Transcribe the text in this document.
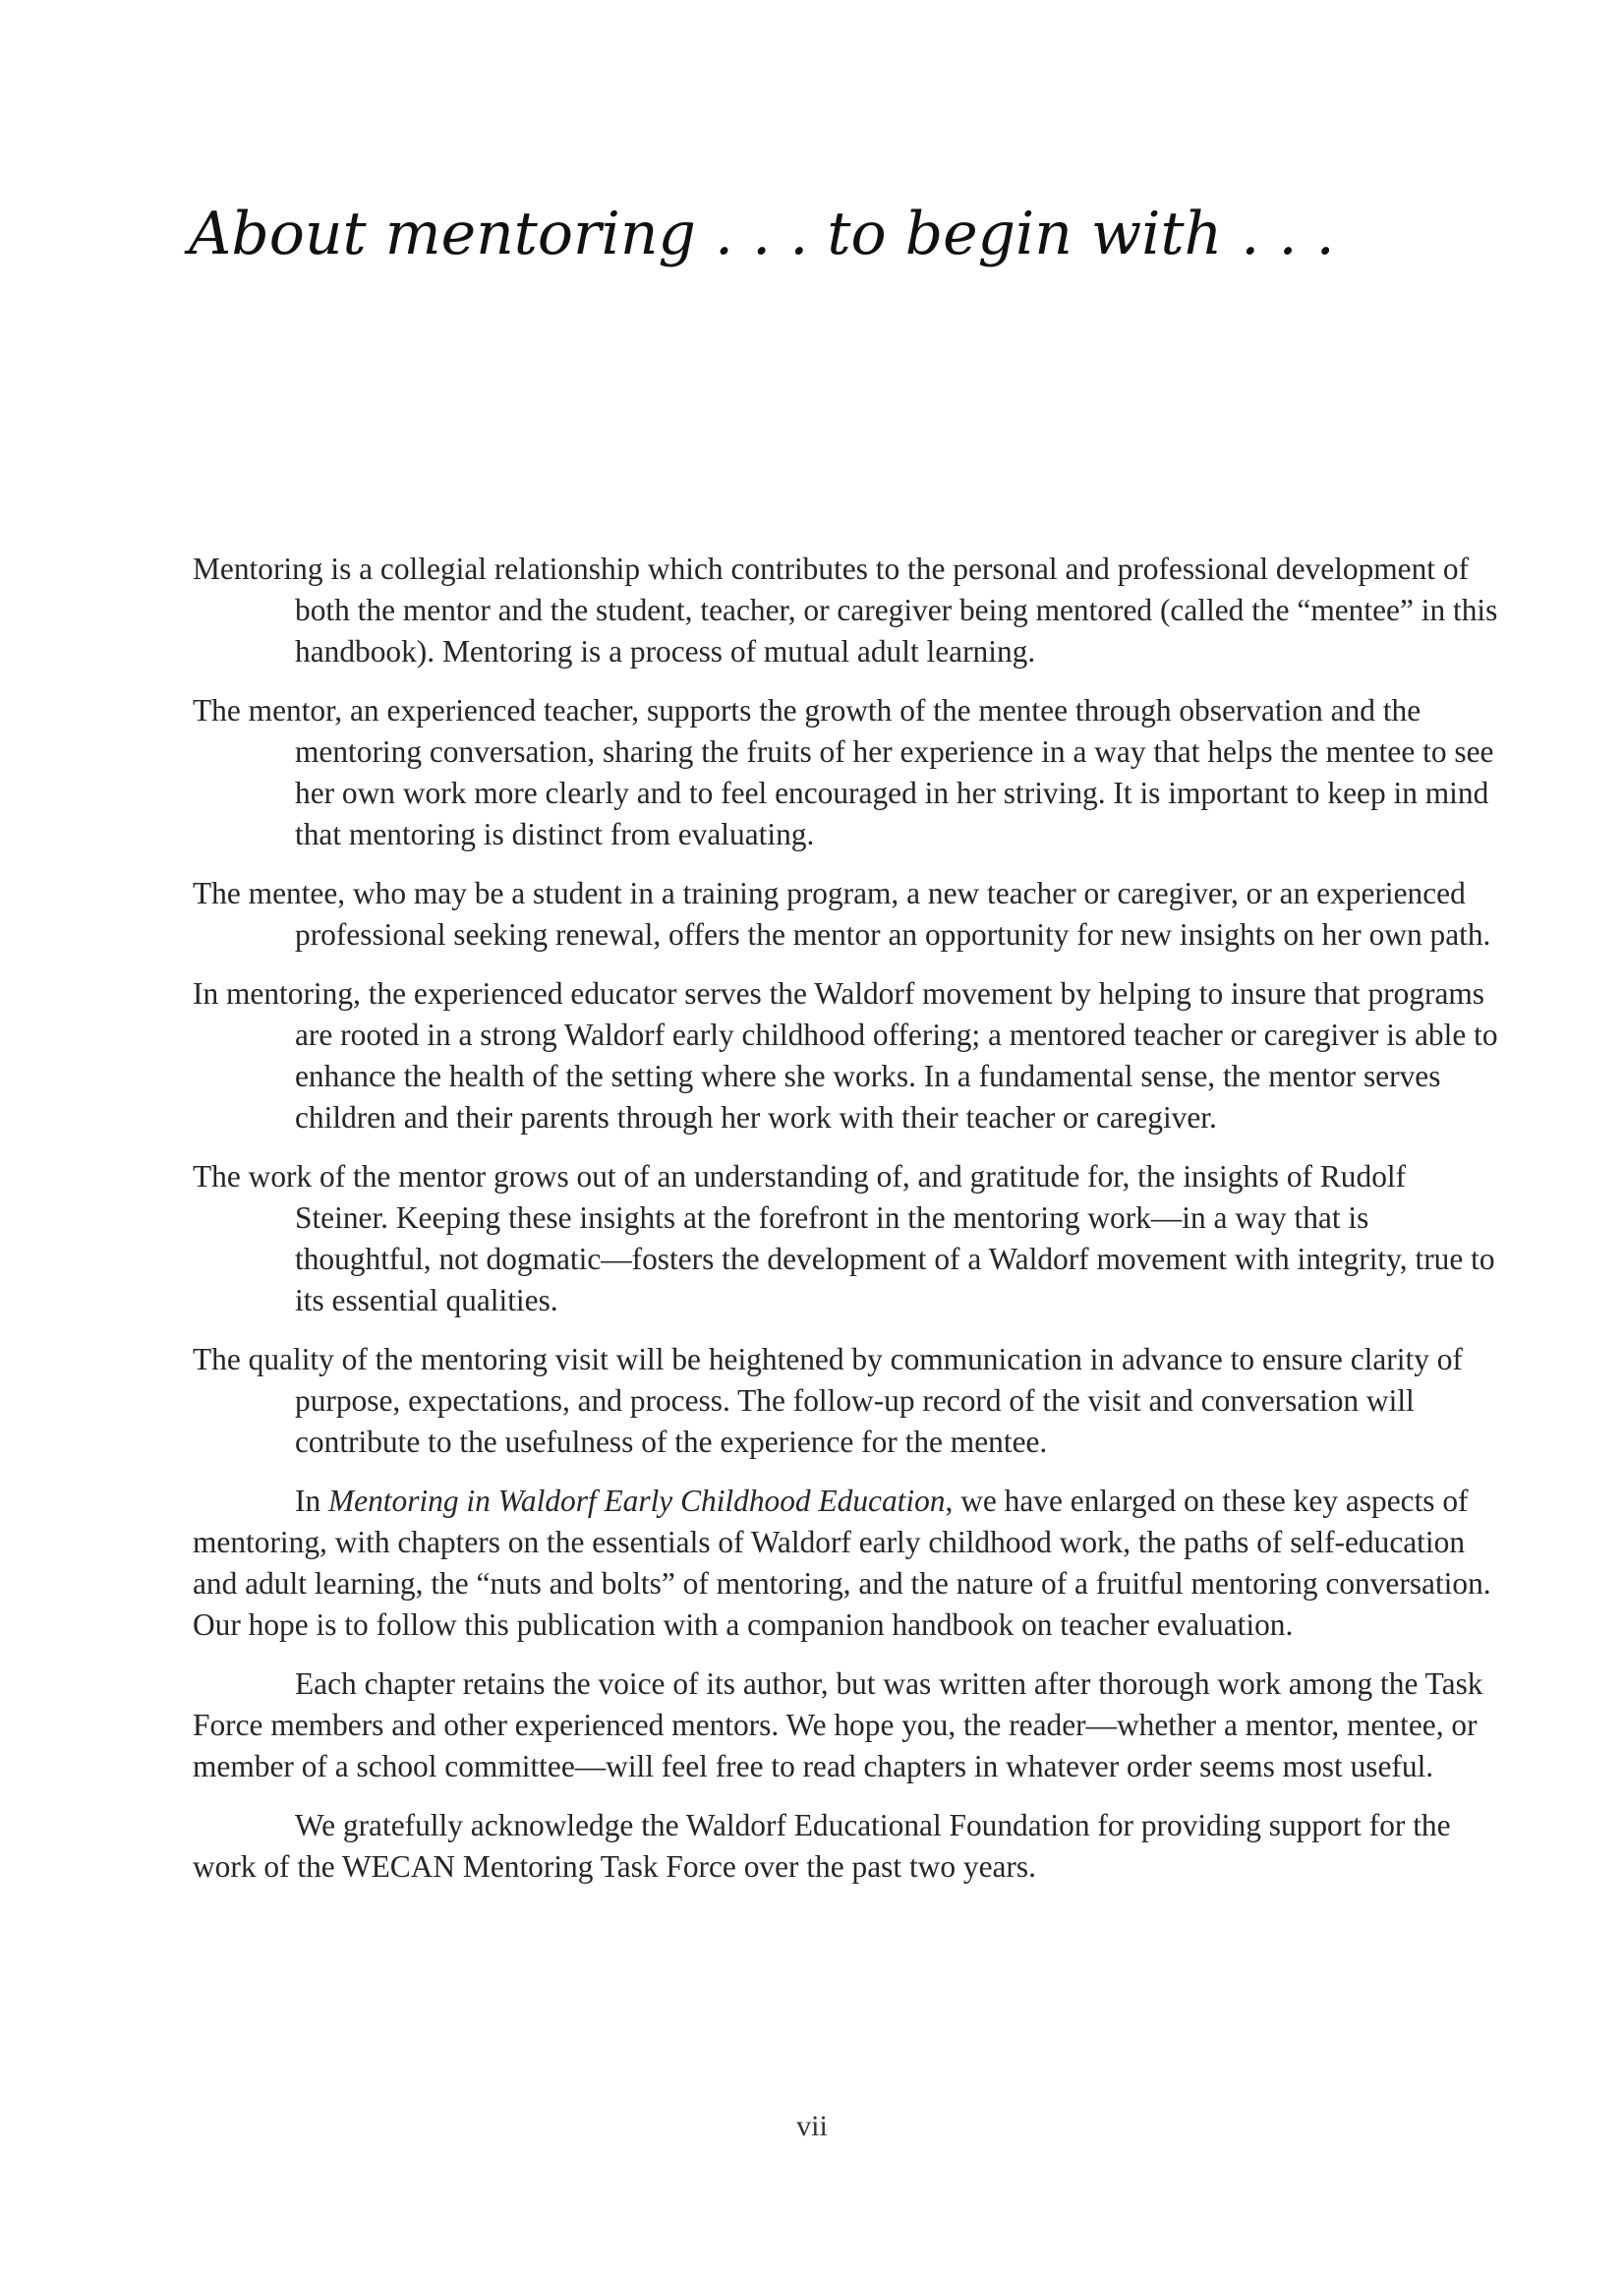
About mentoring . . . to begin with . . .

Mentoring is a collegial relationship which contributes to the personal and professional development of both the mentor and the student, teacher, or caregiver being mentored (called the “mentee” in this handbook). Mentoring is a process of mutual adult learning.

The mentor, an experienced teacher, supports the growth of the mentee through observation and the mentoring conversation, sharing the fruits of her experience in a way that helps the mentee to see her own work more clearly and to feel encouraged in her striving. It is important to keep in mind that mentoring is distinct from evaluating.

The mentee, who may be a student in a training program, a new teacher or caregiver, or an experienced professional seeking renewal, offers the mentor an opportunity for new insights on her own path.

In mentoring, the experienced educator serves the Waldorf movement by helping to insure that programs are rooted in a strong Waldorf early childhood offering; a mentored teacher or caregiver is able to enhance the health of the setting where she works. In a fundamental sense, the mentor serves children and their parents through her work with their teacher or caregiver.

The work of the mentor grows out of an understanding of, and gratitude for, the insights of Rudolf Steiner. Keeping these insights at the forefront in the mentoring work—in a way that is thoughtful, not dogmatic—fosters the development of a Waldorf movement with integrity, true to its essential qualities.

The quality of the mentoring visit will be heightened by communication in advance to ensure clarity of purpose, expectations, and process. The follow-up record of the visit and conversation will contribute to the usefulness of the experience for the mentee.

In Mentoring in Waldorf Early Childhood Education, we have enlarged on these key aspects of mentoring, with chapters on the essentials of Waldorf early childhood work, the paths of self-education and adult learning, the “nuts and bolts” of mentoring, and the nature of a fruitful mentoring conversation. Our hope is to follow this publication with a companion handbook on teacher evaluation.

Each chapter retains the voice of its author, but was written after thorough work among the Task Force members and other experienced mentors. We hope you, the reader—whether a mentor, mentee, or member of a school committee—will feel free to read chapters in whatever order seems most useful.

We gratefully acknowledge the Waldorf Educational Foundation for providing support for the work of the WECAN Mentoring Task Force over the past two years.

vii
